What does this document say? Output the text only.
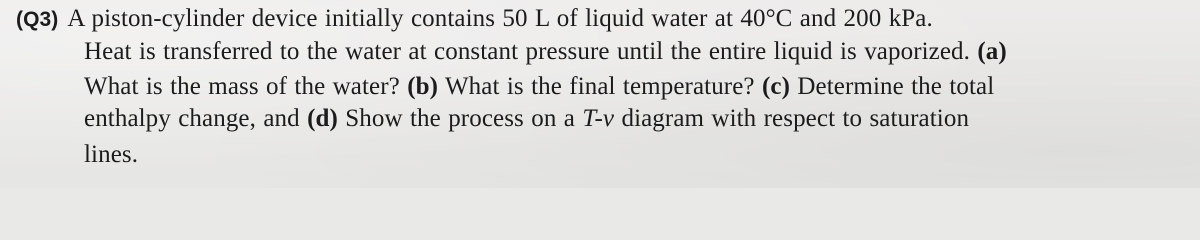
(Q3) A piston-cylinder device initially contains 50 L of liquid water at 40°C and 200 kPa.
Heat is transferred to the water at constant pressure until the entire liquid is vaporized. (a)
What is the mass of the water? (b) What is the final temperature? (c) Determine the total
enthalpy change, and (d) Show the process on a T-v diagram with respect to saturation
lines.
